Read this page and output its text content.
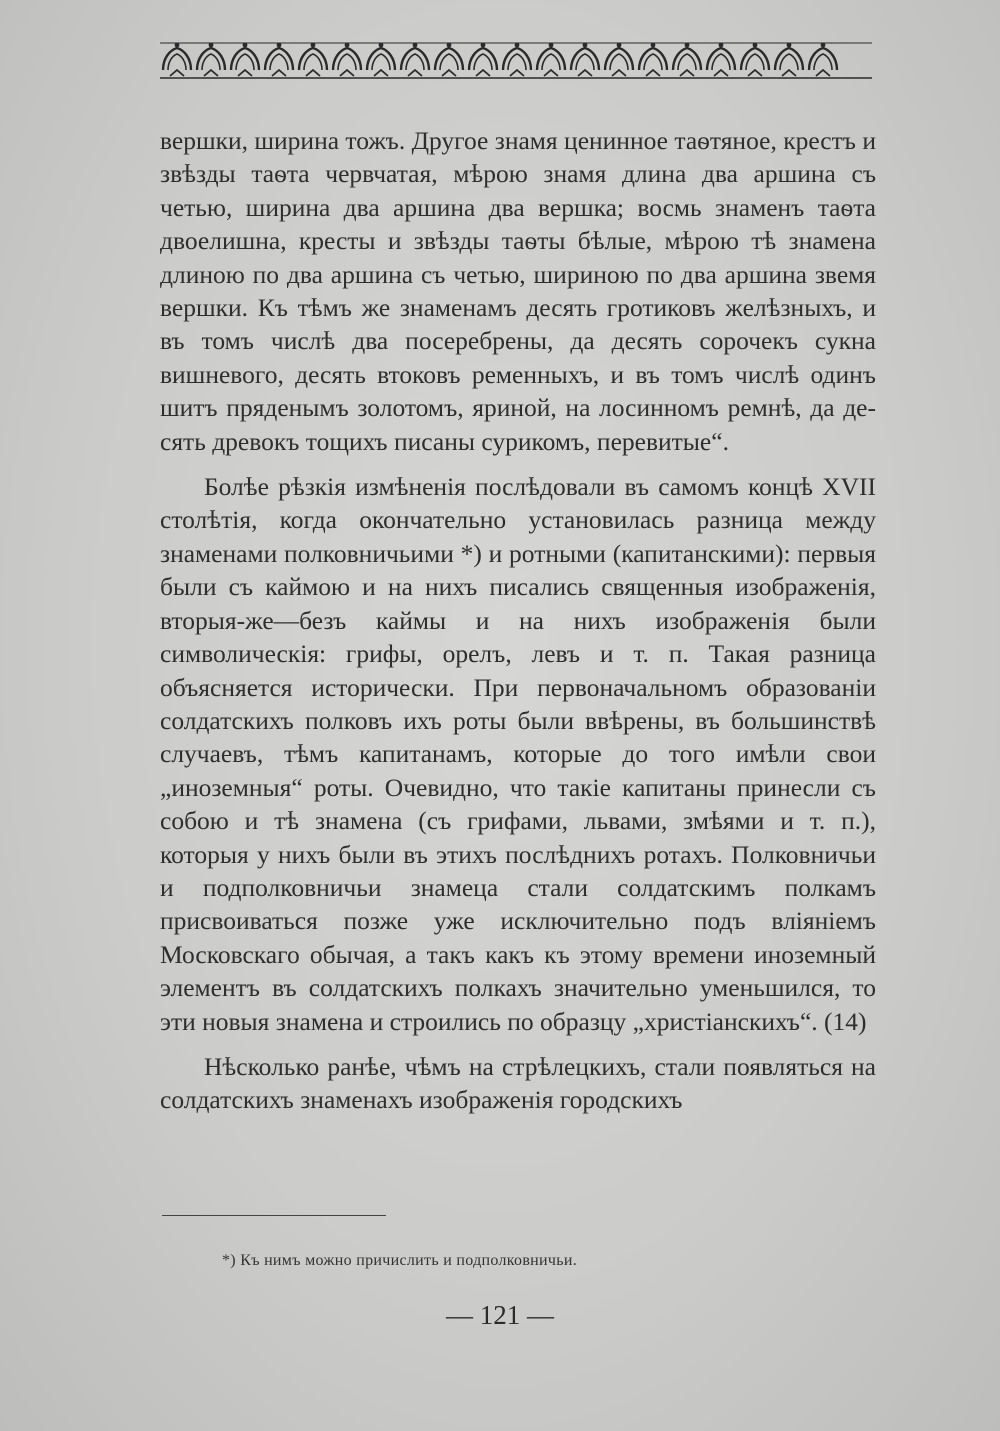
вершки, ширина тожъ. Другое знамя ценинное таѳтяное, крестъ и звѣзды таѳта червчатая, мѣрою знамя длина два аршина съ четью, ширина два аршина два вершка; восмь знаменъ таѳта двоелишна, кресты и звѣзды таѳты бѣлые, мѣрою тѣ знамена длиною по два аршина съ четью, шириною по два аршина звемя вершки. Къ тѣмъ же знаменамъ десять гротиковъ желѣзныхъ, и въ томъ числѣ два посеребрены, да десять сорочекъ сукна вишневого, десять втоковъ ременныхъ, и въ томъ числѣ одинъ шитъ пряденымъ золотомъ, яриной, на лосинномъ ремнѣ, да десять древокъ тощихъ писаны сурикомъ, перевитые“.

Болѣе рѣзкія измѣненія послѣдовали въ самомъ концѣ XVII столѣтія, когда окончательно установилась разница между знаменами полковничьими *) и ротными (капитанскими): первыя были съ каймою и на нихъ писались священныя изображенія, вторыя-же—безъ каймы и на нихъ изображенія были символическія: грифы, орелъ, левъ и т. п. Такая разница объясняется исторически. При первоначальномъ образованіи солдатскихъ полковъ ихъ роты были ввѣрены, въ большинствѣ случаевъ, тѣмъ капитанамъ, которые до того имѣли свои „иноземныя“ роты. Очевидно, что такіе капитаны принесли съ собою и тѣ знамена (съ грифами, львами, змѣями и т. п.), которыя у нихъ были въ этихъ послѣднихъ ротахъ. Полковничьи и подполковничьи знамеца стали солдатскимъ полкамъ присвоиваться позже уже исключительно подъ вліяніемъ Московскаго обычая, а такъ какъ къ этому времени иноземный элементъ въ солдатскихъ полкахъ значительно уменьшился, то эти новыя знамена и строились по образцу „христіанскихъ“. (14)

Нѣсколько ранѣе, чѣмъ на стрѣлецкихъ, стали появляться на солдатскихъ знаменахъ изображенія городскихъ

*) Къ нимъ можно причислить и подполковничьи.
— 121 —
